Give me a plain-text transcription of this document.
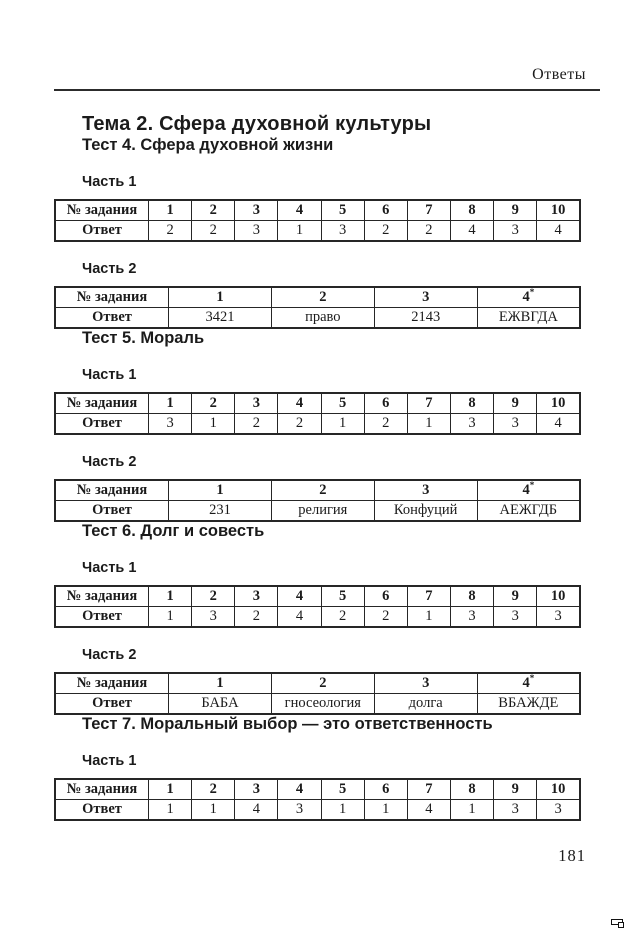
Ответы
Тема 2. Сфера духовной культуры
Тест 4. Сфера духовной жизни
Часть 1
№ задания	1	2	3	4	5	6	7	8	9	10
Ответ	2	2	3	1	3	2	2	4	3	4
Часть 2
№ задания	1	2	3	4*
Ответ	3421	право	2143	ЕЖВГДА
Тест 5. Мораль
Часть 1
№ задания	1	2	3	4	5	6	7	8	9	10
Ответ	3	1	2	2	1	2	1	3	3	4
Часть 2
№ задания	1	2	3	4*
Ответ	231	религия	Конфуций	АЕЖГДБ
Тест 6. Долг и совесть
Часть 1
№ задания	1	2	3	4	5	6	7	8	9	10
Ответ	1	3	2	4	2	2	1	3	3	3
Часть 2
№ задания	1	2	3	4*
Ответ	БАБА	гносеология	долга	ВБАЖДЕ
Тест 7. Моральный выбор — это ответственность
Часть 1
№ задания	1	2	3	4	5	6	7	8	9	10
Ответ	1	1	4	3	1	1	4	1	3	3
181
